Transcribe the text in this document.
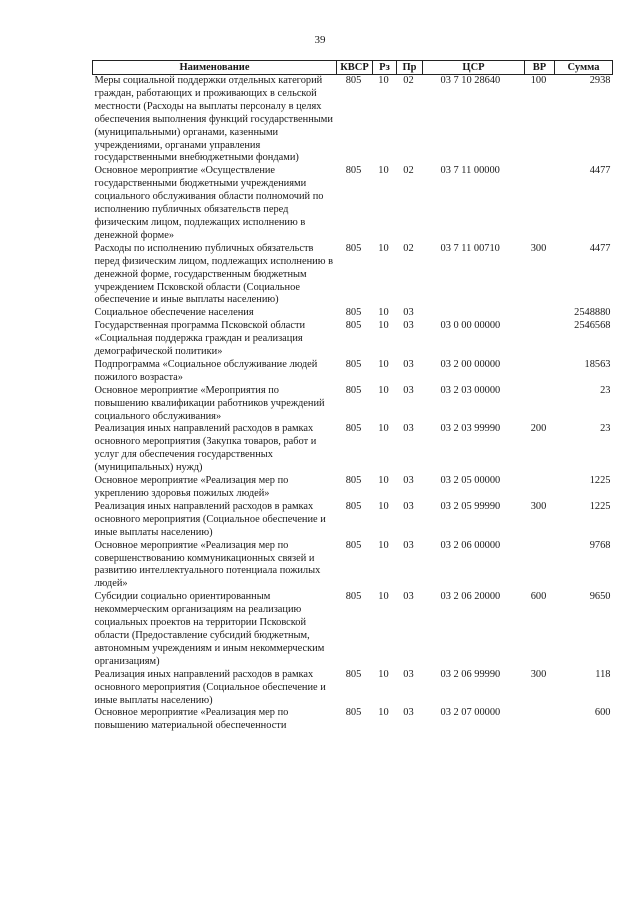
39
Наименование	КВСР	Рз	Пр	ЦСР	ВР	Сумма
Меры социальной поддержки отдельных категорий граждан, работающих и проживающих в сельской местности (Расходы на выплаты персоналу в целях обеспечения выполнения функций государственными (муниципальными) органами, казенными учреждениями, органами управления государственными внебюджетными фондами)	805	10	02	03 7 10 28640	100	2938
Основное мероприятие «Осуществление государственными бюджетными учреждениями социального обслуживания области полномочий по исполнению публичных обязательств перед физическим лицом, подлежащих исполнению в денежной форме»	805	10	02	03 7 11 00000		4477
Расходы по исполнению публичных обязательств перед физическим лицом, подлежащих исполнению в денежной форме, государственным бюджетным учреждением Псковской области (Социальное обеспечение и иные выплаты населению)	805	10	02	03 7 11 00710	300	4477
Социальное обеспечение населения	805	10	03			2548880
Государственная программа Псковской области «Социальная поддержка граждан и реализация демографической политики»	805	10	03	03 0 00 00000		2546568
Подпрограмма «Социальное обслуживание людей пожилого возраста»	805	10	03	03 2 00 00000		18563
Основное мероприятие «Мероприятия по повышению квалификации работников учреждений социального обслуживания»	805	10	03	03 2 03 00000		23
Реализация иных направлений расходов в рамках основного мероприятия (Закупка товаров, работ и услуг для обеспечения государственных (муниципальных) нужд)	805	10	03	03 2 03 99990	200	23
Основное мероприятие «Реализация мер по укреплению здоровья пожилых людей»	805	10	03	03 2 05 00000		1225
Реализация иных направлений расходов в рамках основного мероприятия (Социальное обеспечение и иные выплаты населению)	805	10	03	03 2 05 99990	300	1225
Основное мероприятие «Реализация мер по совершенствованию коммуникационных связей и развитию интеллектуального потенциала пожилых людей»	805	10	03	03 2 06 00000		9768
Субсидии социально ориентированным некоммерческим организациям на реализацию социальных проектов на территории Псковской области (Предоставление субсидий бюджетным, автономным учреждениям и иным некоммерческим организациям)	805	10	03	03 2 06 20000	600	9650
Реализация иных направлений расходов в рамках основного мероприятия (Социальное обеспечение и иные выплаты населению)	805	10	03	03 2 06 99990	300	118
Основное мероприятие «Реализация мер по повышению материальной обеспеченности	805	10	03	03 2 07 00000		600
